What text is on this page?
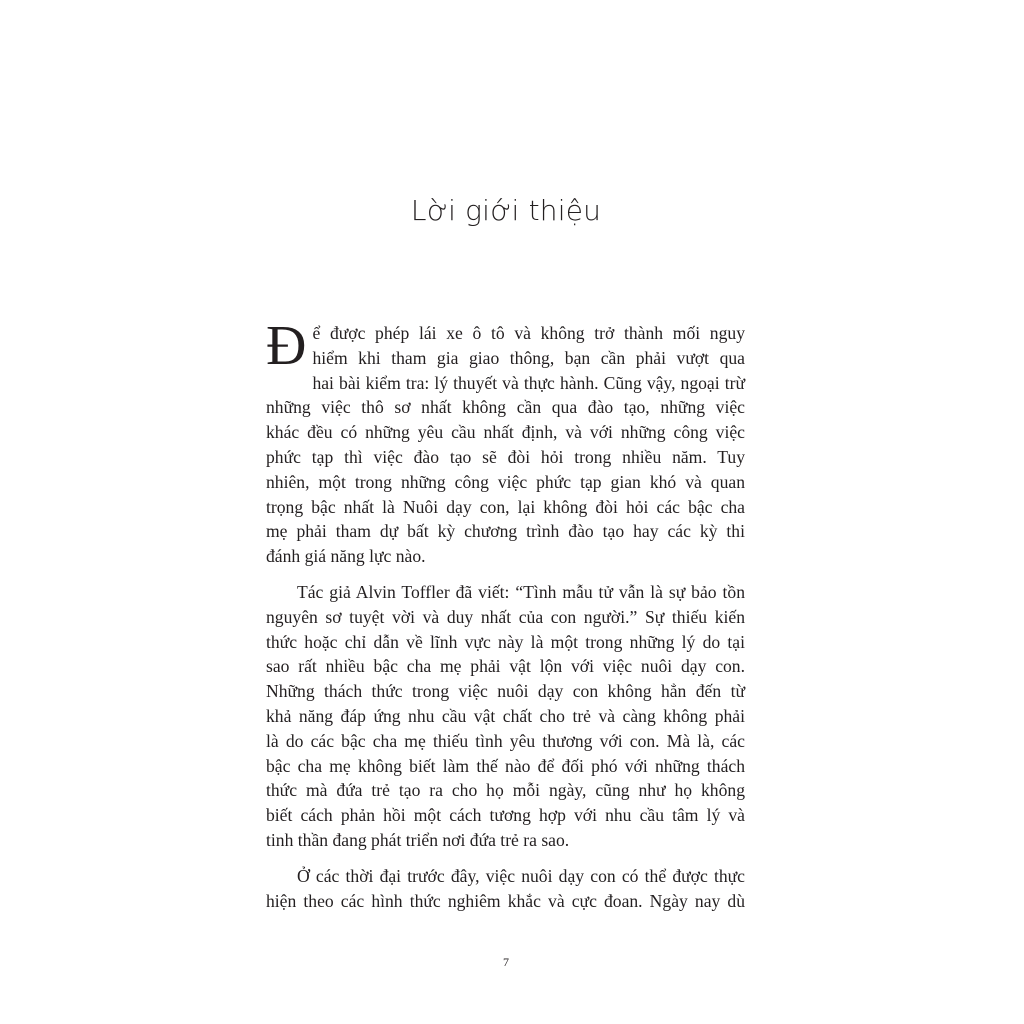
Lời giới thiệu
Đ ể được phép lái xe ô tô và không trở thành mối nguy
hiểm khi tham gia giao thông, bạn cần phải vượt qua
hai bài kiểm tra: lý thuyết và thực hành. Cũng vậy, ngoại trừ
những việc thô sơ nhất không cần qua đào tạo, những việc
khác đều có những yêu cầu nhất định, và với những công việc
phức tạp thì việc đào tạo sẽ đòi hỏi trong nhiều năm. Tuy
nhiên, một trong những công việc phức tạp gian khó và quan
trọng bậc nhất là Nuôi dạy con, lại không đòi hỏi các bậc cha
mẹ phải tham dự bất kỳ chương trình đào tạo hay các kỳ thi
đánh giá năng lực nào.
Tác giả Alvin Toffler đã viết: “Tình mẫu tử vẫn là sự bảo tồn
nguyên sơ tuyệt vời và duy nhất của con người.” Sự thiếu kiến
thức hoặc chỉ dẫn về lĩnh vực này là một trong những lý do tại
sao rất nhiều bậc cha mẹ phải vật lộn với việc nuôi dạy con.
Những thách thức trong việc nuôi dạy con không hẳn đến từ
khả năng đáp ứng nhu cầu vật chất cho trẻ và càng không phải
là do các bậc cha mẹ thiếu tình yêu thương với con. Mà là, các
bậc cha mẹ không biết làm thế nào để đối phó với những thách
thức mà đứa trẻ tạo ra cho họ mỗi ngày, cũng như họ không
biết cách phản hồi một cách tương hợp với nhu cầu tâm lý và
tinh thần đang phát triển nơi đứa trẻ ra sao.
Ở các thời đại trước đây, việc nuôi dạy con có thể được thực
hiện theo các hình thức nghiêm khắc và cực đoan. Ngày nay dù
7
